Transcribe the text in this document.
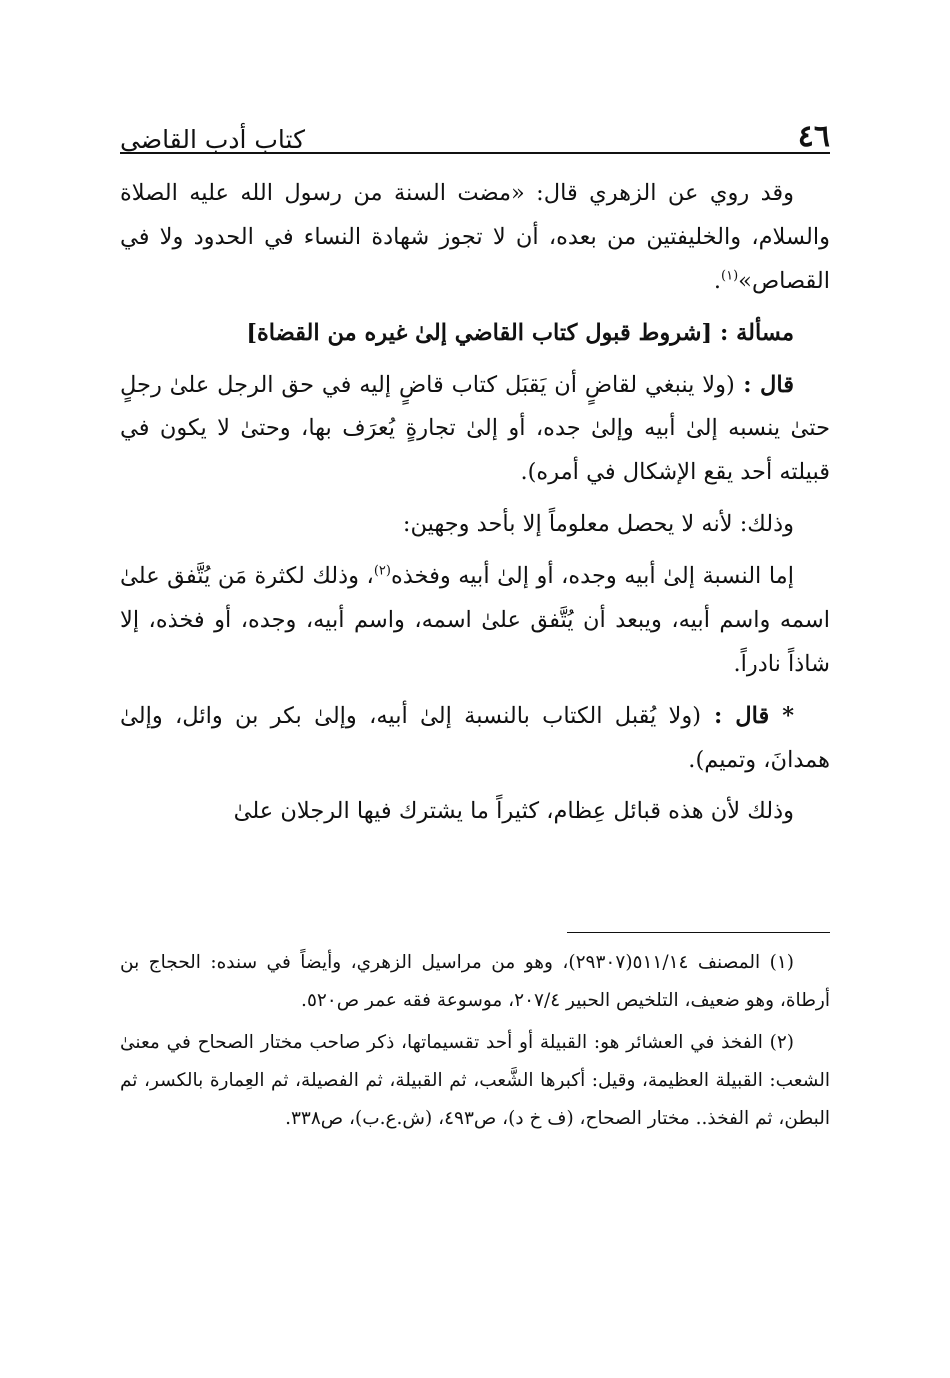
٤٦
كتاب أدب القاضي

وقد روي عن الزهري قال: «مضت السنة من رسول الله عليه الصلاة والسلام، والخليفتين من بعده، أن لا تجوز شهادة النساء في الحدود ولا في القصاص»$^{(١)}$.

مسألة : [شروط قبول كتاب القاضي إلىٰ غيره من القضاة]

قال : (ولا ينبغي لقاضٍ أن يَقبَل كتاب قاضٍ إليه في حق الرجل علىٰ رجلٍ حتىٰ ينسبه إلىٰ أبيه وإلىٰ جده، أو إلىٰ تجارةٍ يُعرَف بها، وحتىٰ لا يكون في قبيلته أحد يقع الإشكال في أمره).

وذلك: لأنه لا يحصل معلوماً إلا بأحد وجهين:

إما النسبة إلىٰ أبيه وجده، أو إلىٰ أبيه وفخذه$^{(٢)}$، وذلك لكثرة مَن يُتَّفق علىٰ اسمه واسم أبيه، ويبعد أن يُتَّفق علىٰ اسمه، واسم أبيه، وجده، أو فخذه، إلا شاذاً نادراً.

* قال : (ولا يُقبل الكتاب بالنسبة إلىٰ أبيه، وإلىٰ بكر بن وائل، وإلىٰ همدانَ، وتميم).

وذلك لأن هذه قبائل عِظام، كثيراً ما يشترك فيها الرجلان علىٰ

(١) المصنف ٥١١/١٤(٢٩٣٠٧)، وهو من مراسيل الزهري، وأيضاً في سنده: الحجاج بن أرطاة، وهو ضعيف، التلخيص الحبير ٢٠٧/٤، موسوعة فقه عمر ص٥٢٠.

(٢) الفخذ في العشائر هو: القبيلة أو أحد تقسيماتها، ذكر صاحب مختار الصحاح في معنىٰ الشعب: القبيلة العظيمة، وقيل: أكبرها الشَّعب، ثم القبيلة، ثم الفصيلة، ثم العِمارة بالكسر، ثم البطن، ثم الفخذ.. مختار الصحاح، (ف خ د)، ص٤٩٣، (ش.ع.ب)، ص٣٣٨.
